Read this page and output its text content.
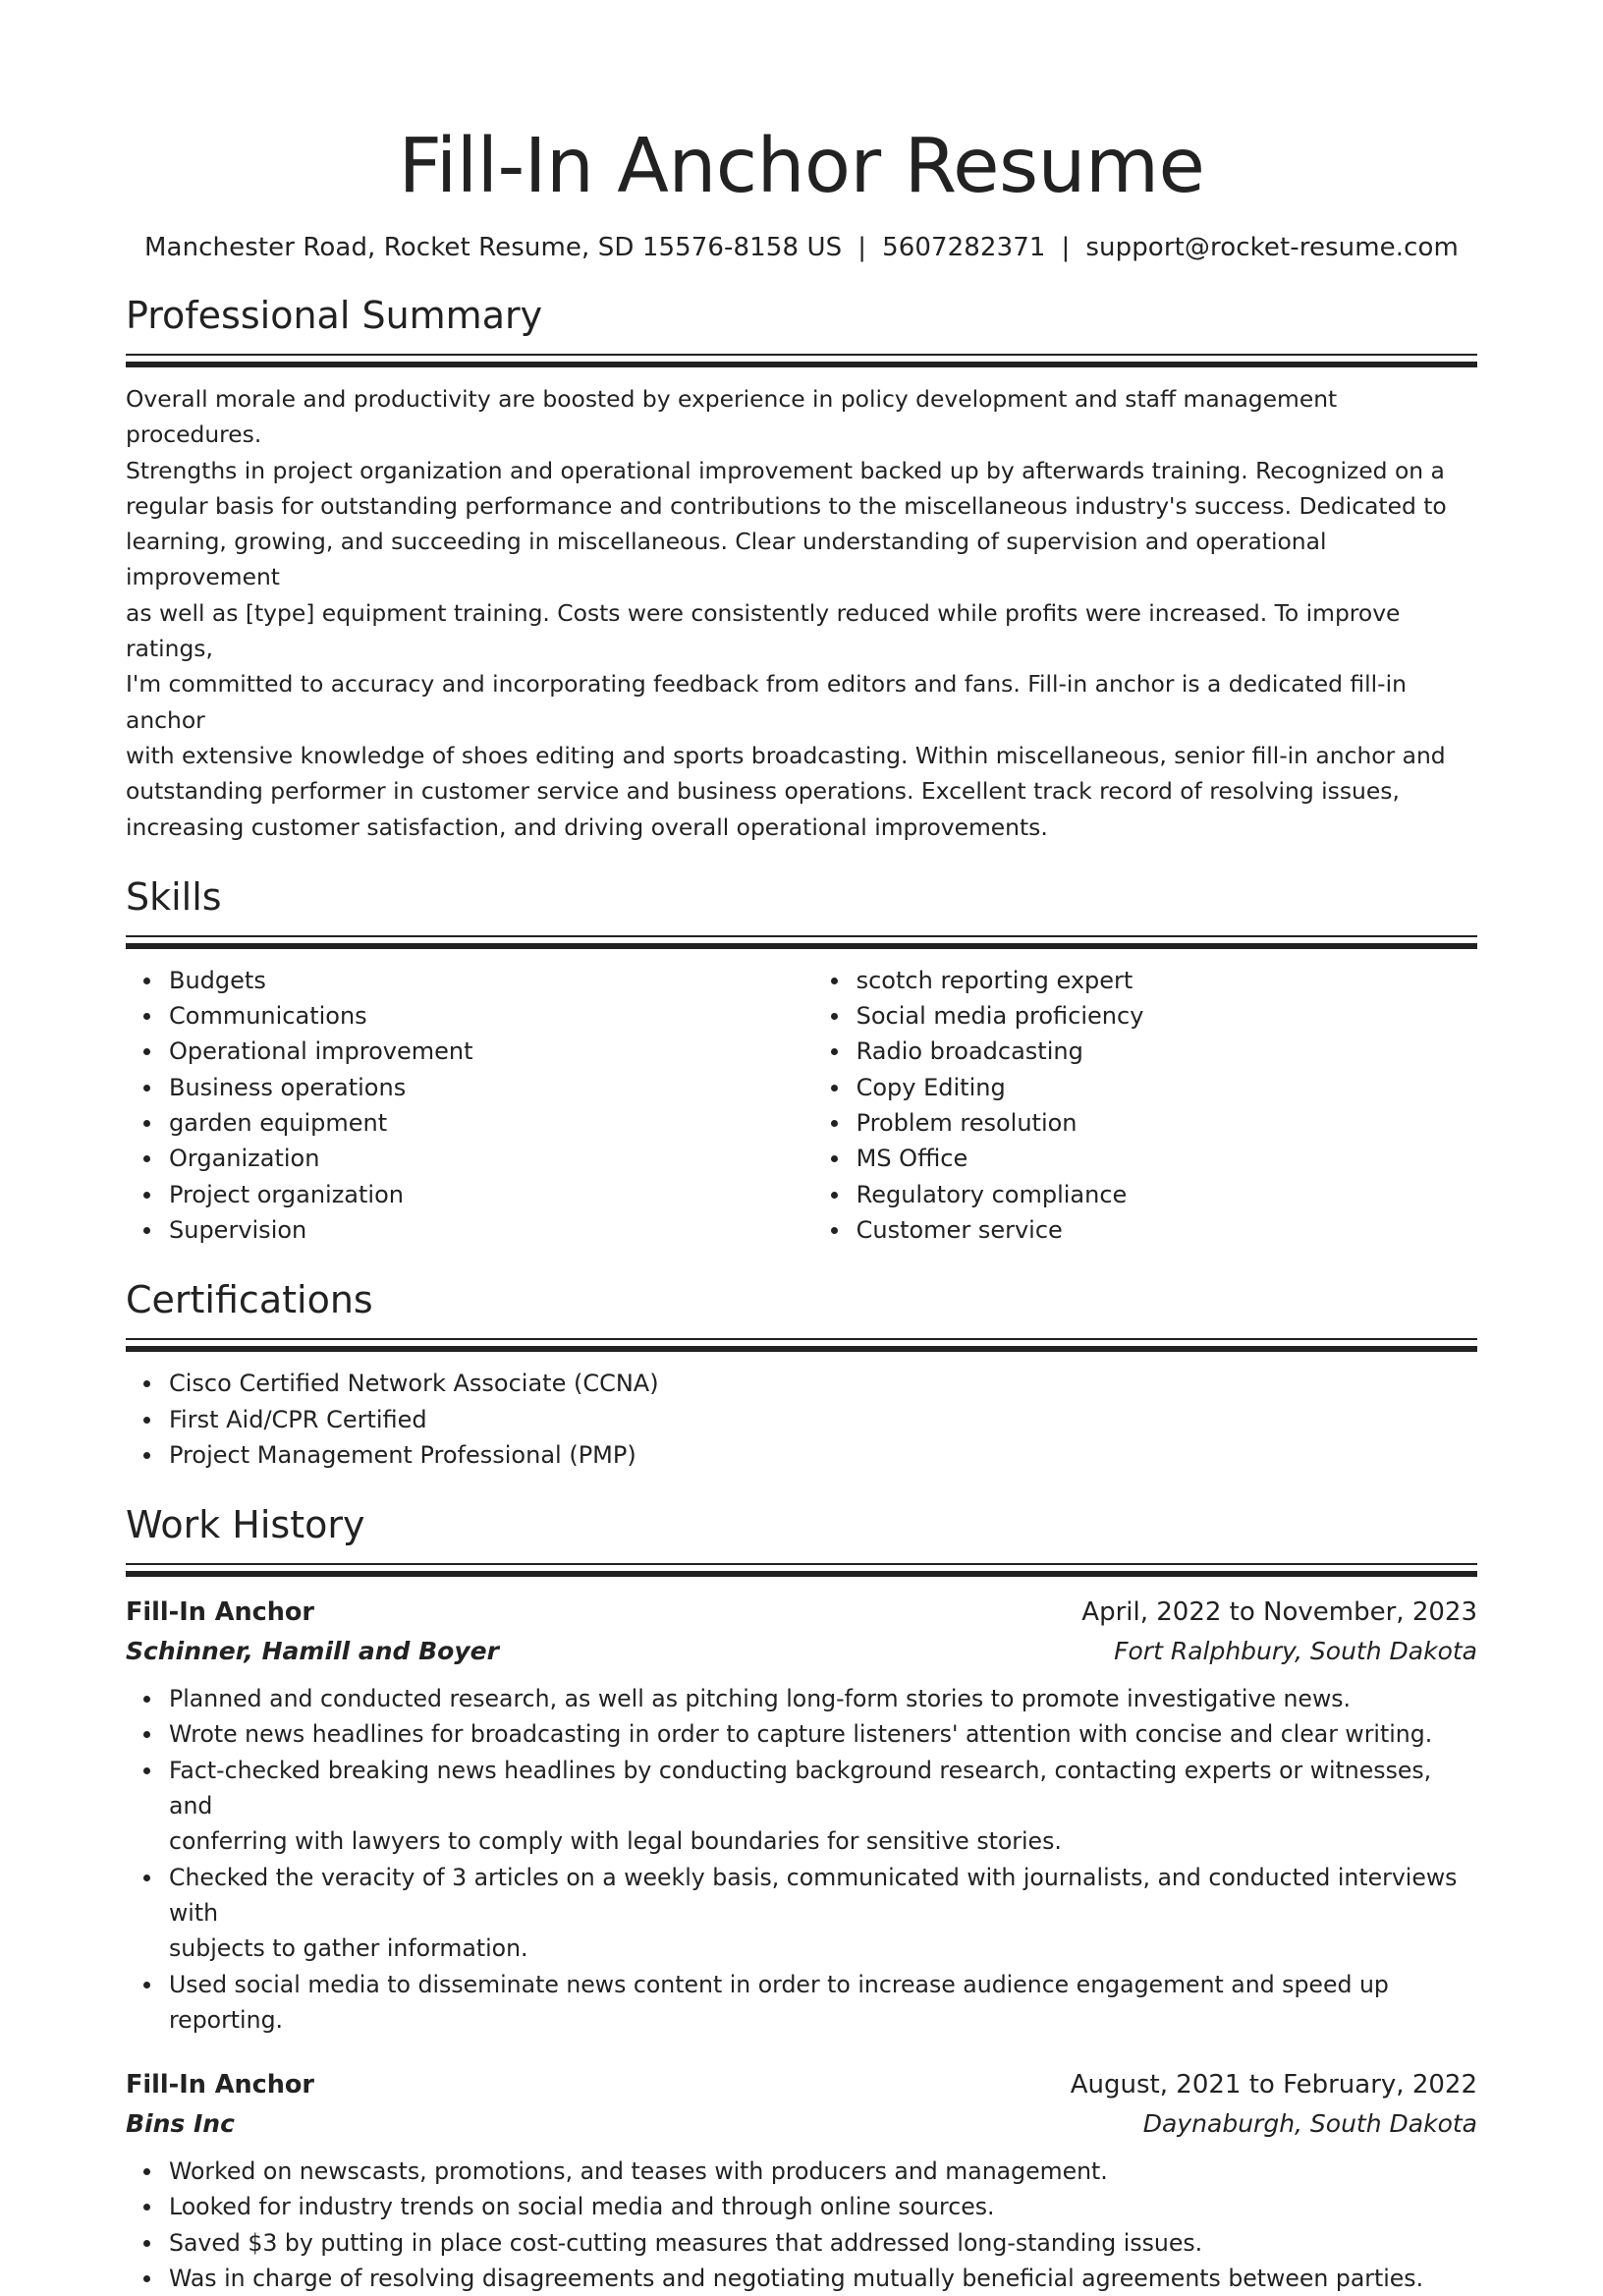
Fill-In Anchor Resume
Manchester Road, Rocket Resume, SD 15576-8158 US | 5607282371 | support@rocket-resume.com
Professional Summary
Overall morale and productivity are boosted by experience in policy development and staff management procedures.
Strengths in project organization and operational improvement backed up by afterwards training. Recognized on a
regular basis for outstanding performance and contributions to the miscellaneous industry's success. Dedicated to
learning, growing, and succeeding in miscellaneous. Clear understanding of supervision and operational improvement
as well as [type] equipment training. Costs were consistently reduced while profits were increased. To improve ratings,
I'm committed to accuracy and incorporating feedback from editors and fans. Fill-in anchor is a dedicated fill-in anchor
with extensive knowledge of shoes editing and sports broadcasting. Within miscellaneous, senior fill-in anchor and
outstanding performer in customer service and business operations. Excellent track record of resolving issues,
increasing customer satisfaction, and driving overall operational improvements.
Skills
Budgets
Communications
Operational improvement
Business operations
garden equipment
Organization
Project organization
Supervision
scotch reporting expert
Social media proficiency
Radio broadcasting
Copy Editing
Problem resolution
MS Office
Regulatory compliance
Customer service
Certifications
Cisco Certified Network Associate (CCNA)
First Aid/CPR Certified
Project Management Professional (PMP)
Work History
Fill-In Anchor	April, 2022 to November, 2023
Schinner, Hamill and Boyer	Fort Ralphbury, South Dakota
Planned and conducted research, as well as pitching long-form stories to promote investigative news.
Wrote news headlines for broadcasting in order to capture listeners' attention with concise and clear writing.
Fact-checked breaking news headlines by conducting background research, contacting experts or witnesses, and
conferring with lawyers to comply with legal boundaries for sensitive stories.
Checked the veracity of 3 articles on a weekly basis, communicated with journalists, and conducted interviews with
subjects to gather information.
Used social media to disseminate news content in order to increase audience engagement and speed up reporting.
Fill-In Anchor	August, 2021 to February, 2022
Bins Inc	Daynaburgh, South Dakota
Worked on newscasts, promotions, and teases with producers and management.
Looked for industry trends on social media and through online sources.
Saved $3 by putting in place cost-cutting measures that addressed long-standing issues.
Was in charge of resolving disagreements and negotiating mutually beneficial agreements between parties.
